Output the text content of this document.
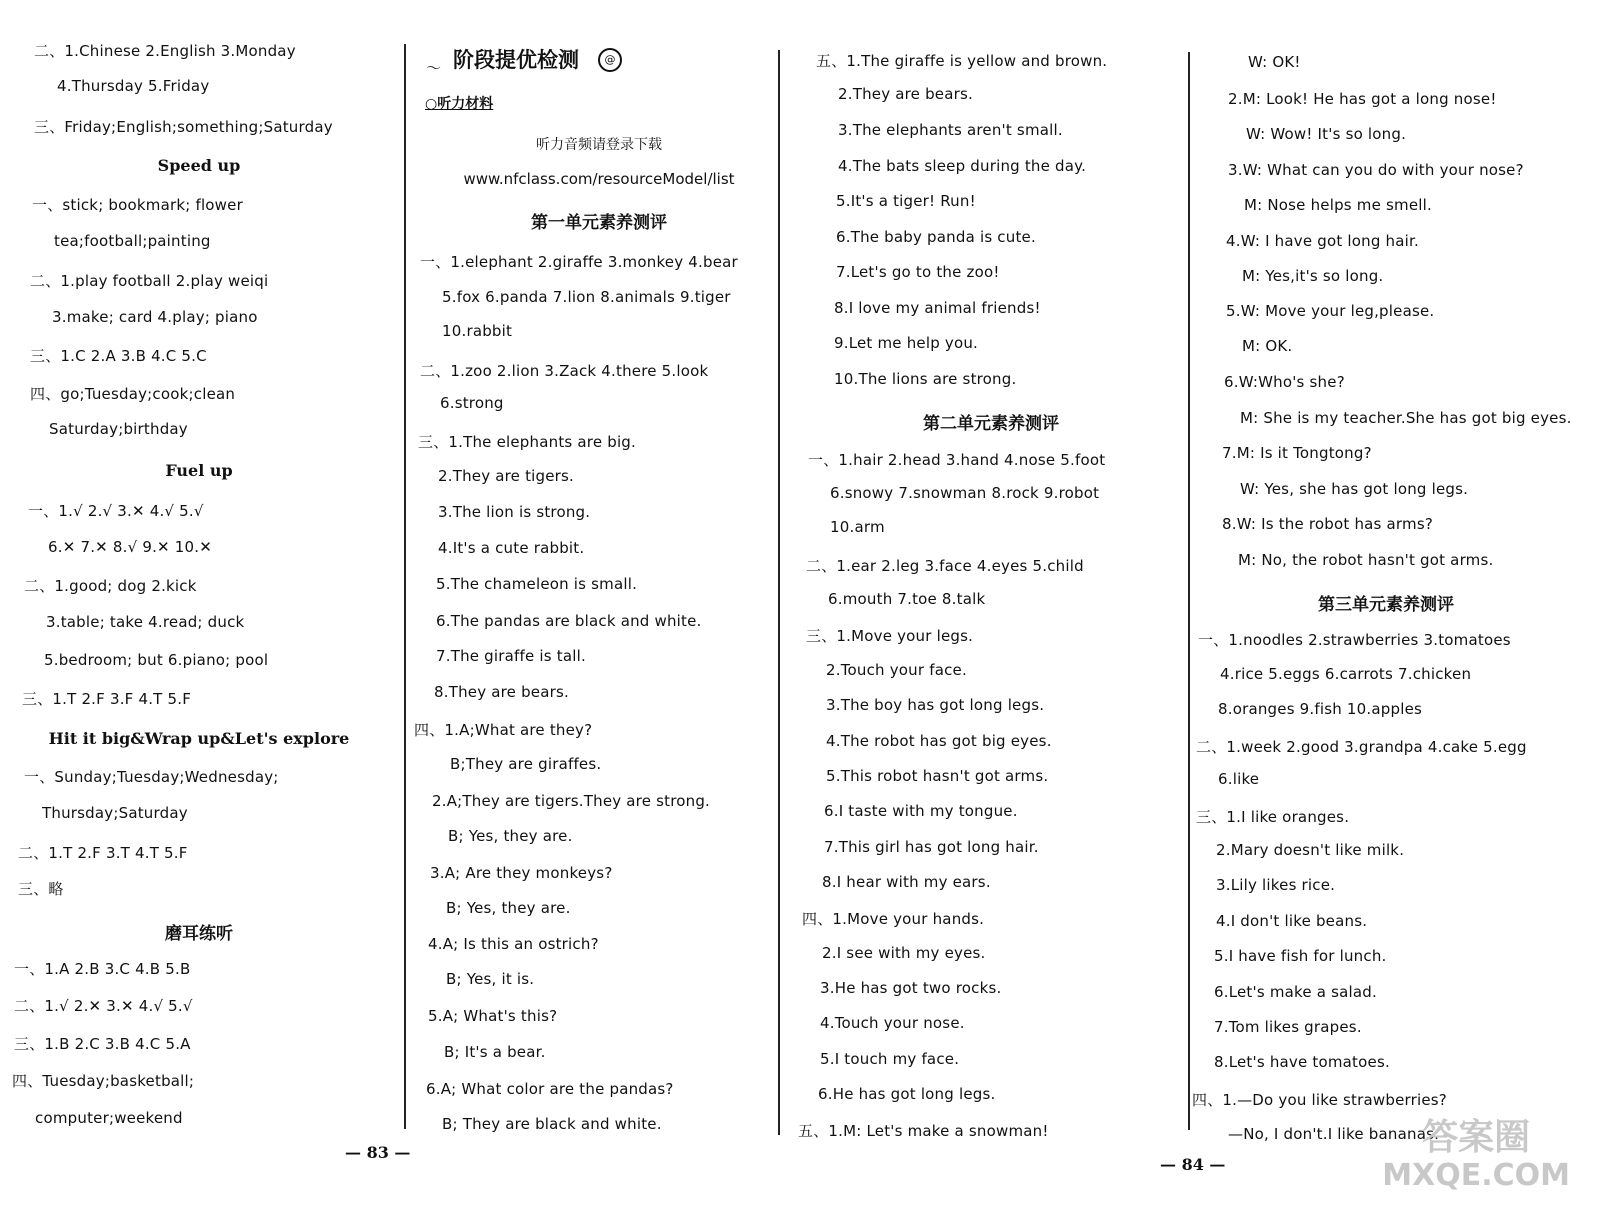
二、1.Chinese 2.English 3.Monday
4.Thursday 5.Friday
三、Friday;English;something;Saturday
一、stick; bookmark; flower
tea;football;painting
二、1.play football 2.play weiqi
3.make; card 4.play; piano
三、1.C 2.A 3.B 4.C 5.C
四、go;Tuesday;cook;clean
Saturday;birthday
一、1.√ 2.√ 3.✕ 4.√ 5.√
6.✕ 7.✕ 8.√ 9.✕ 10.✕
二、1.good; dog 2.kick
3.table; take 4.read; duck
5.bedroom; but 6.piano; pool
三、1.T 2.F 3.F 4.T 5.F
一、Sunday;Tuesday;Wednesday;
Thursday;Saturday
二、1.T 2.F 3.T 4.T 5.F
三、略
一、1.A 2.B 3.C 4.B 5.B
二、1.√ 2.✕ 3.✕ 4.√ 5.√
三、1.B 2.C 3.B 4.C 5.A
四、Tuesday;basketball;
computer;weekend
Speed up
Fuel up
Hit it big&Wrap up&Let's explore
磨耳练听
～ 阶段提优检测	@
○听力材料
听力音频请登录下载
www.nfclass.com/resourceModel/list
第一单元素养测评
一、1.elephant 2.giraffe 3.monkey 4.bear
5.fox 6.panda 7.lion 8.animals 9.tiger
10.rabbit
二、1.zoo 2.lion 3.Zack 4.there 5.look
6.strong
三、1.The elephants are big.
2.They are tigers.
3.The lion is strong.
4.It's a cute rabbit.
5.The chameleon is small.
6.The pandas are black and white.
7.The giraffe is tall.
8.They are bears.
四、1.A;What are they?
B;They are giraffes.
2.A;They are tigers.They are strong.
B; Yes, they are.
3.A; Are they monkeys?
B; Yes, they are.
4.A; Is this an ostrich?
B; Yes, it is.
5.A; What's this?
B; It's a bear.
6.A; What color are the pandas?
B; They are black and white.
五、1.The giraffe is yellow and brown.
2.They are bears.
3.The elephants aren't small.
4.The bats sleep during the day.
5.It's a tiger! Run!
6.The baby panda is cute.
7.Let's go to the zoo!
8.I love my animal friends!
9.Let me help you.
10.The lions are strong.
一、1.hair 2.head 3.hand 4.nose 5.foot
6.snowy 7.snowman 8.rock 9.robot
10.arm
二、1.ear 2.leg 3.face 4.eyes 5.child
6.mouth 7.toe 8.talk
三、1.Move your legs.
2.Touch your face.
3.The boy has got long legs.
4.The robot has got big eyes.
5.This robot hasn't got arms.
6.I taste with my tongue.
7.This girl has got long hair.
8.I hear with my ears.
四、1.Move your hands.
2.I see with my eyes.
3.He has got two rocks.
4.Touch your nose.
5.I touch my face.
6.He has got long legs.
五、1.M: Let's make a snowman!
第二单元素养测评
W: OK!
2.M: Look! He has got a long nose!
W: Wow! It's so long.
3.W: What can you do with your nose?
M: Nose helps me smell.
4.W: I have got long hair.
M: Yes,it's so long.
5.W: Move your leg,please.
M: OK.
6.W:Who's she?
M: She is my teacher.She has got big eyes.
7.M: Is it Tongtong?
W: Yes, she has got long legs.
8.W: Is the robot has arms?
M: No, the robot hasn't got arms.
一、1.noodles 2.strawberries 3.tomatoes
4.rice 5.eggs 6.carrots 7.chicken
8.oranges 9.fish 10.apples
二、1.week 2.good 3.grandpa 4.cake 5.egg
6.like
三、1.I like oranges.
2.Mary doesn't like milk.
3.Lily likes rice.
4.I don't like beans.
5.I have fish for lunch.
6.Let's make a salad.
7.Tom likes grapes.
8.Let's have tomatoes.
四、1.—Do you like strawberries?
—No, I don't.I like bananas.
第三单元素养测评
— 83 —
— 84 —
答案圈
MXQE.COM
